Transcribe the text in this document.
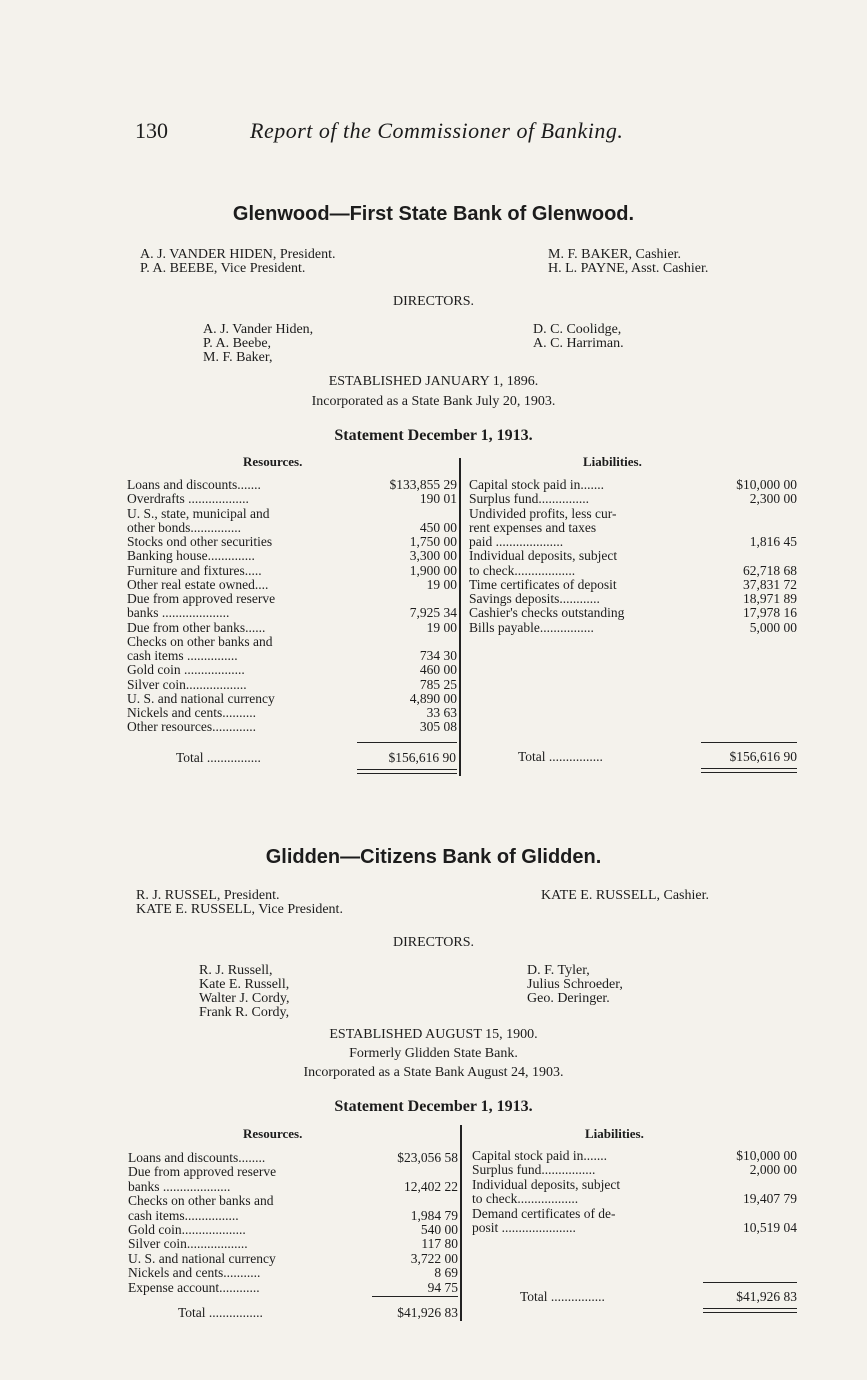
130	Report of the Commissioner of Banking.
Glenwood—First State Bank of Glenwood.
A. J. VANDER HIDEN, President.
P. A. BEEBE, Vice President.
M. F. BAKER, Cashier.
H. L. PAYNE, Asst. Cashier.
DIRECTORS.
A. J. Vander Hiden,
P. A. Beebe,
M. F. Baker,
D. C. Coolidge,
A. C. Harriman.
ESTABLISHED JANUARY 1, 1896.
Incorporated as a State Bank July 20, 1903.
Statement December 1, 1913.
Resources.	Liabilities.
Loans and discounts.......	$133,855 29
Overdrafts ..................	190 01
U. S., state, municipal and
other bonds...............	450 00
Stocks ond other securities	1,750 00
Banking house..............	3,300 00
Furniture and fixtures.....	1,900 00
Other real estate owned....	19 00
Due from approved reserve
banks ....................	7,925 34
Due from other banks......	19 00
Checks on other banks and
cash items ...............	734 30
Gold coin ..................	460 00
Silver coin..................	785 25
U. S. and national currency	4,890 00
Nickels and cents..........	33 63
Other resources.............	305 08
Capital stock paid in.......	$10,000 00
Surplus fund...............	2,300 00
Undivided profits, less cur-
rent expenses and taxes
paid ....................	1,816 45
Individual deposits, subject
to check..................	62,718 68
Time certificates of deposit	37,831 72
Savings deposits............	18,971 89
Cashier's checks outstanding	17,978 16
Bills payable................	5,000 00
Total ................	$156,616 90	Total ................	$156,616 90
Glidden—Citizens Bank of Glidden.
R. J. RUSSEL, President.
KATE E. RUSSELL, Vice President.
KATE E. RUSSELL, Cashier.
DIRECTORS.
R. J. Russell,
Kate E. Russell,
Walter J. Cordy,
Frank R. Cordy,
D. F. Tyler,
Julius Schroeder,
Geo. Deringer.
ESTABLISHED AUGUST 15, 1900.
Formerly Glidden State Bank.
Incorporated as a State Bank August 24, 1903.
Statement December 1, 1913.
Resources.	Liabilities.
Loans and discounts........	$23,056 58
Due from approved reserve
banks ....................	12,402 22
Checks on other banks and
cash items................	1,984 79
Gold coin...................	540 00
Silver coin..................	117 80
U. S. and national currency	3,722 00
Nickels and cents...........	8 69
Expense account............	94 75
Capital stock paid in.......	$10,000 00
Surplus fund................	2,000 00
Individual deposits, subject
to check..................	19,407 79
Demand certificates of de-
posit ......................	10,519 04
Total ................	$41,926 83
Total ................	$41,926 83
